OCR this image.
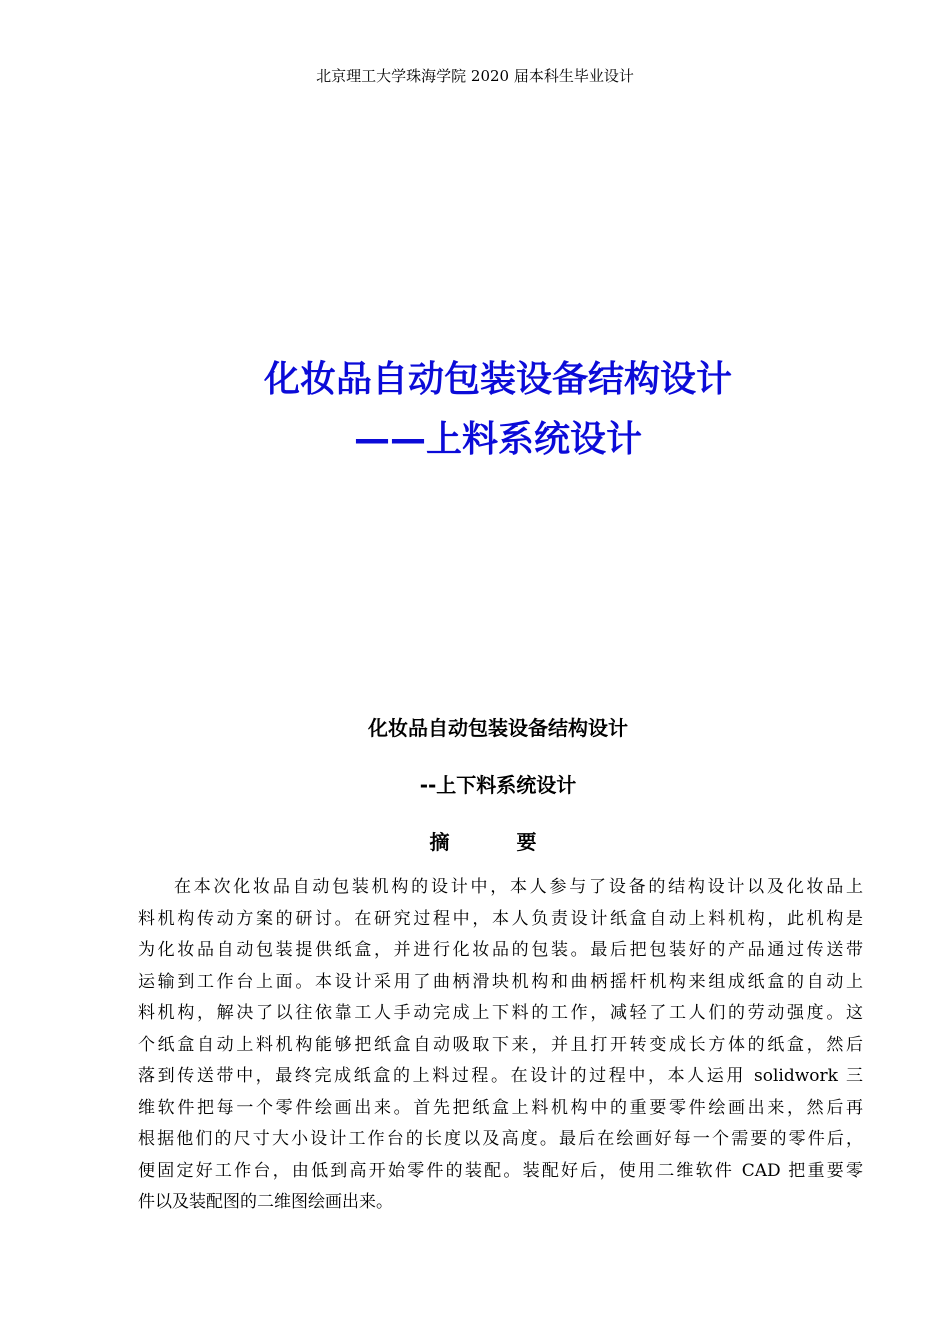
北京理工大学珠海学院 2020 届本科生毕业设计
化妆品自动包装设备结构设计
——上料系统设计
化妆品自动包装设备结构设计
--上下料系统设计
摘 要
在本次化妆品自动包装机构的设计中，本人参与了设备的结构设计以及化妆品上
料机构传动方案的研讨。在研究过程中，本人负责设计纸盒自动上料机构，此机构是
为化妆品自动包装提供纸盒，并进行化妆品的包装。最后把包装好的产品通过传送带
运输到工作台上面。本设计采用了曲柄滑块机构和曲柄摇杆机构来组成纸盒的自动上
料机构，解决了以往依靠工人手动完成上下料的工作，减轻了工人们的劳动强度。这
个纸盒自动上料机构能够把纸盒自动吸取下来，并且打开转变成长方体的纸盒，然后
落到传送带中，最终完成纸盒的上料过程。在设计的过程中，本人运用 solidwork 三
维软件把每一个零件绘画出来。首先把纸盒上料机构中的重要零件绘画出来，然后再
根据他们的尺寸大小设计工作台的长度以及高度。最后在绘画好每一个需要的零件后，
便固定好工作台，由低到高开始零件的装配。装配好后，使用二维软件 CAD 把重要零
件以及装配图的二维图绘画出来。
